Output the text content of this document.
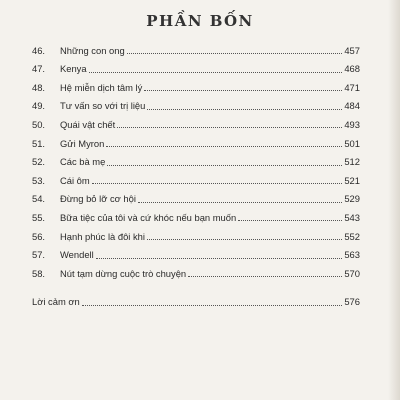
PHẦN BỐN
46.	Những con ong	457
47.	Kenya	468
48.	Hệ miễn dịch tâm lý	471
49.	Tư vấn so với trị liệu	484
50.	Quái vật chết	493
51.	Gửi Myron	501
52.	Các bà mẹ	512
53.	Cái ôm	521
54.	Đừng bỏ lỡ cơ hội	529
55.	Bữa tiệc của tôi và cứ khóc nếu bạn muốn	543
56.	Hạnh phúc là đôi khi	552
57.	Wendell	563
58.	Nút tạm dừng cuộc trò chuyện	570
Lời cảm ơn	576
